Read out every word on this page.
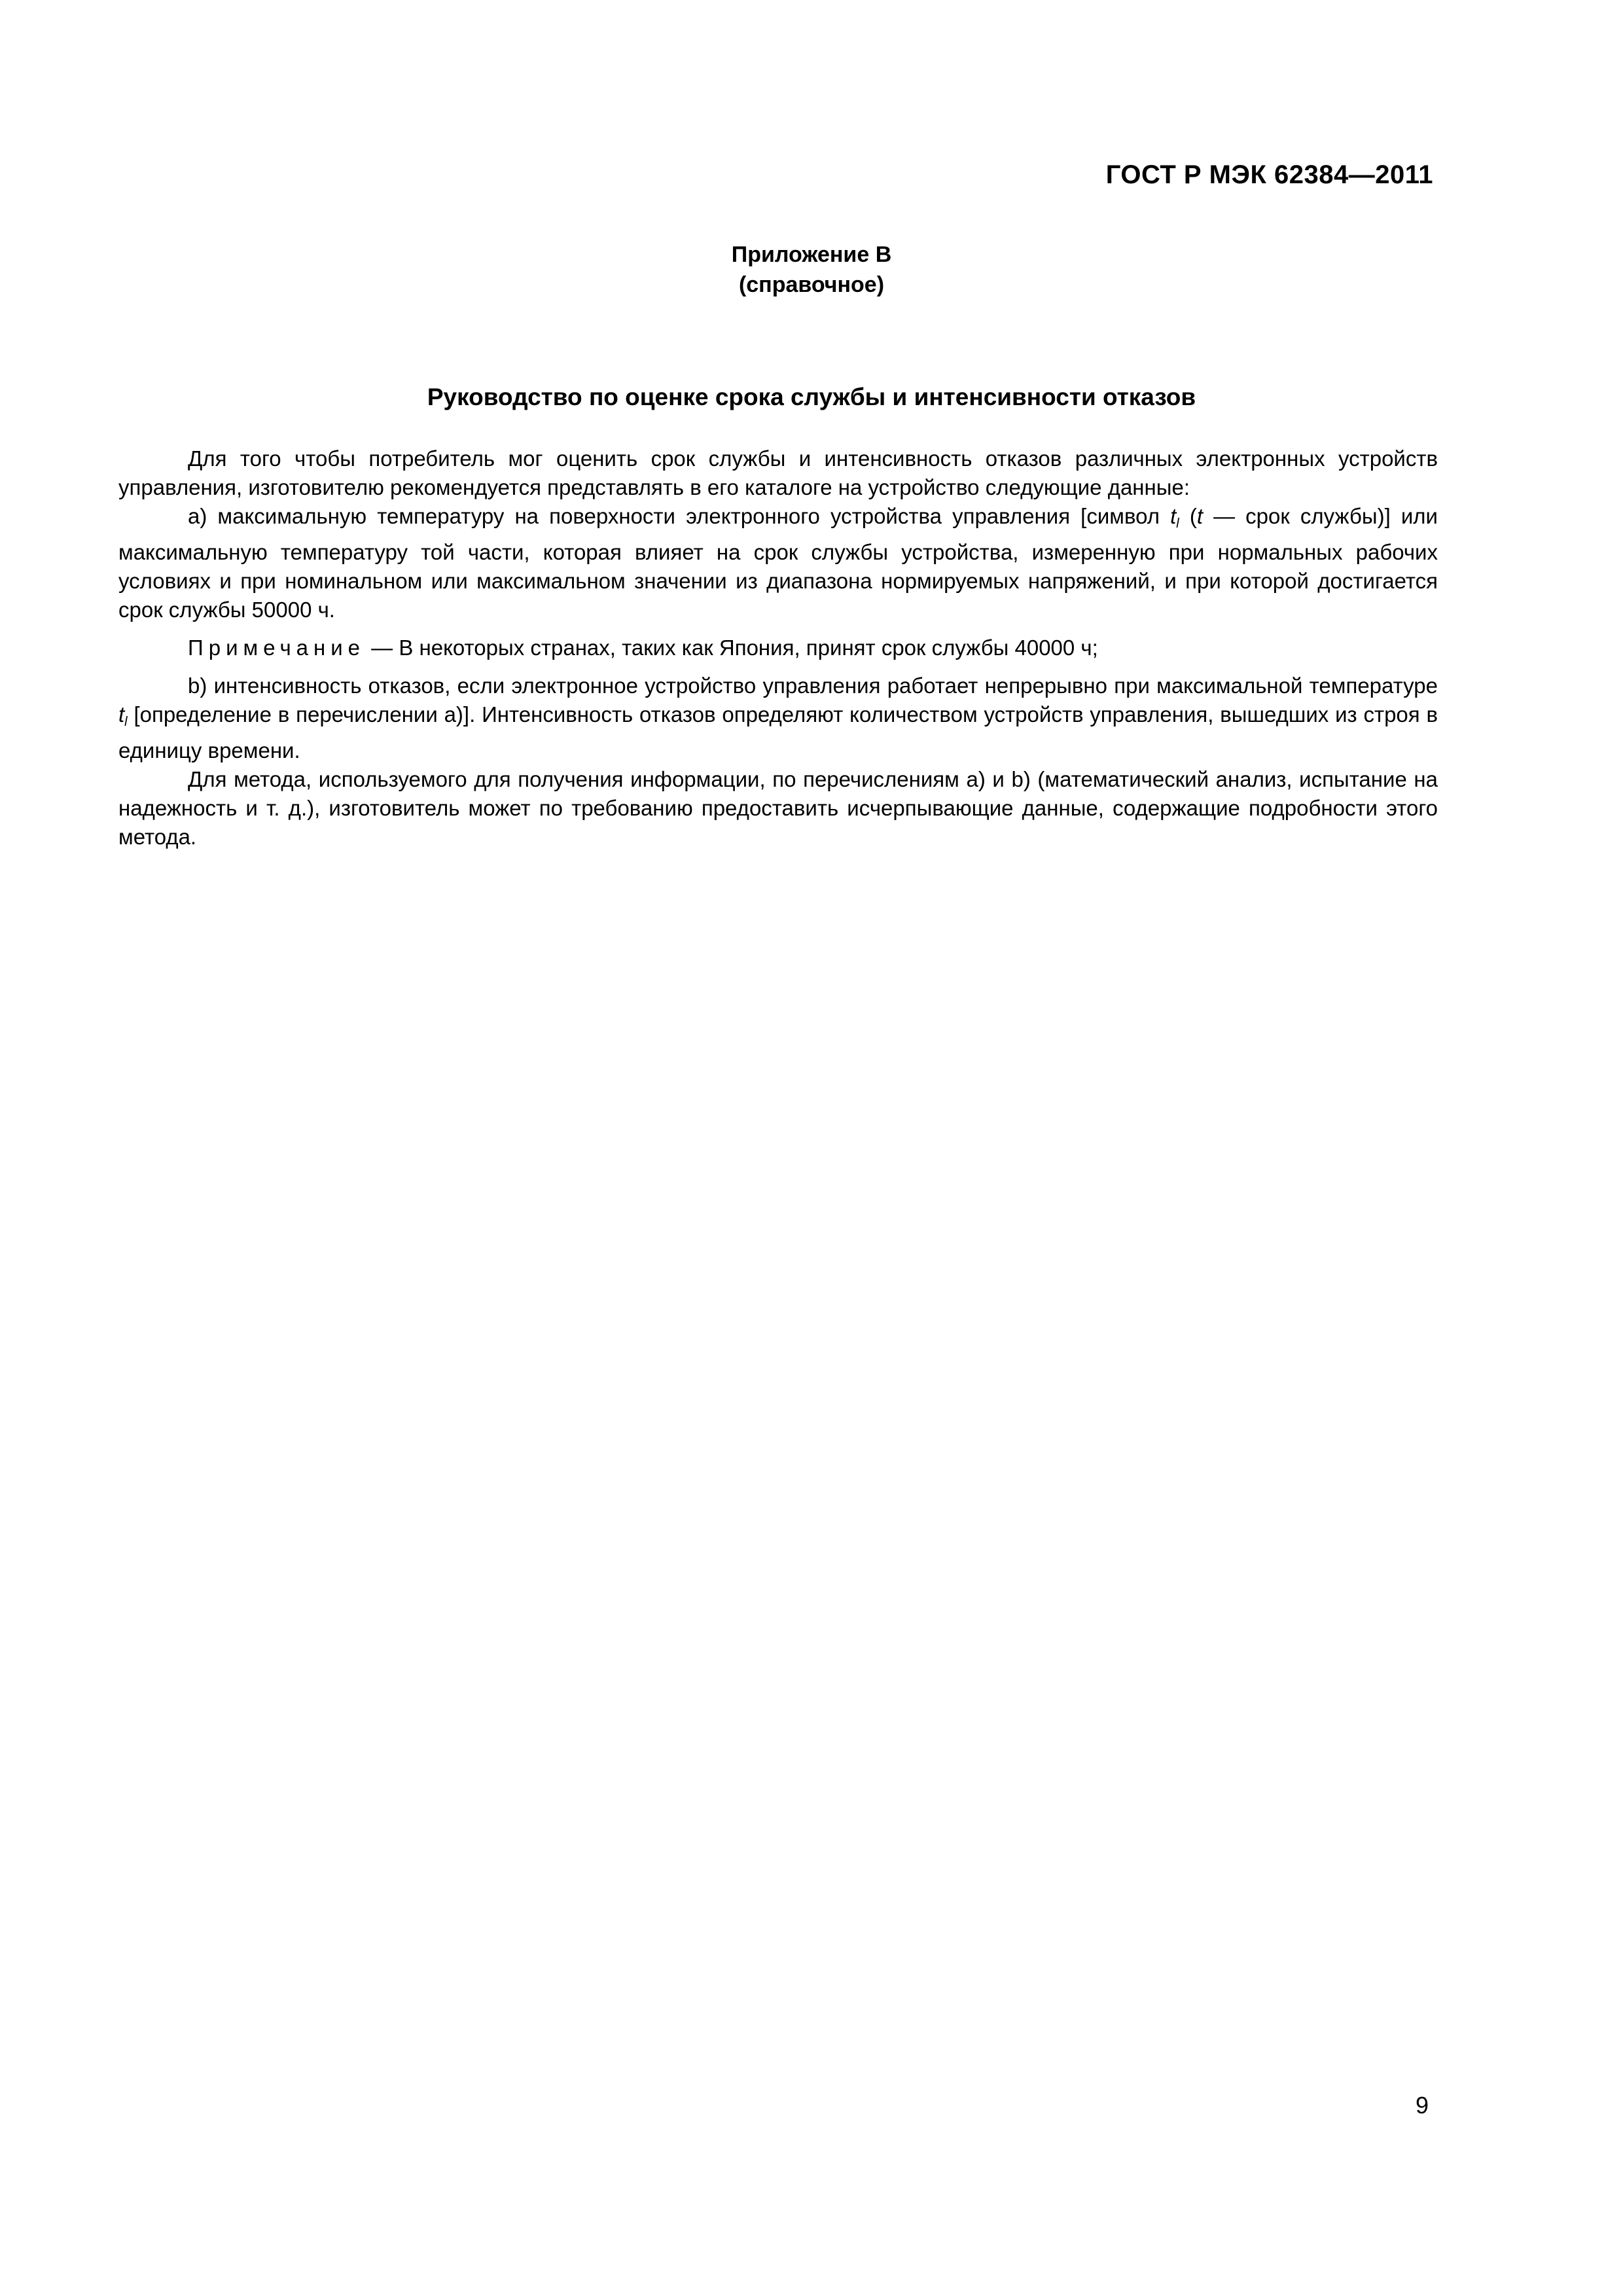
ГОСТ Р МЭК 62384—2011
Приложение В
(справочное)
Руководство по оценке срока службы и интенсивности отказов

Для того чтобы потребитель мог оценить срок службы и интенсивность отказов различных электронных устройств управления, изготовителю рекомендуется представлять в его каталоге на устройство следующие данные:

а) максимальную температуру на поверхности электронного устройства управления [символ $t_l$ (t — срок службы)] или максимальную температуру той части, которая влияет на срок службы устройства, измеренную при нормальных рабочих условиях и при номинальном или максимальном значении из диапазона нормируемых напряжений, и при которой достигается срок службы 50000 ч.

Примечание — В некоторых странах, таких как Япония, принят срок службы 40000 ч;

b) интенсивность отказов, если электронное устройство управления работает непрерывно при максимальной температуре $t_l$ [определение в перечислении а)]. Интенсивность отказов определяют количеством устройств управления, вышедших из строя в единицу времени.

Для метода, используемого для получения информации, по перечислениям а) и b) (математический анализ, испытание на надежность и т. д.), изготовитель может по требованию предоставить исчерпывающие данные, содержащие подробности этого метода.

9
